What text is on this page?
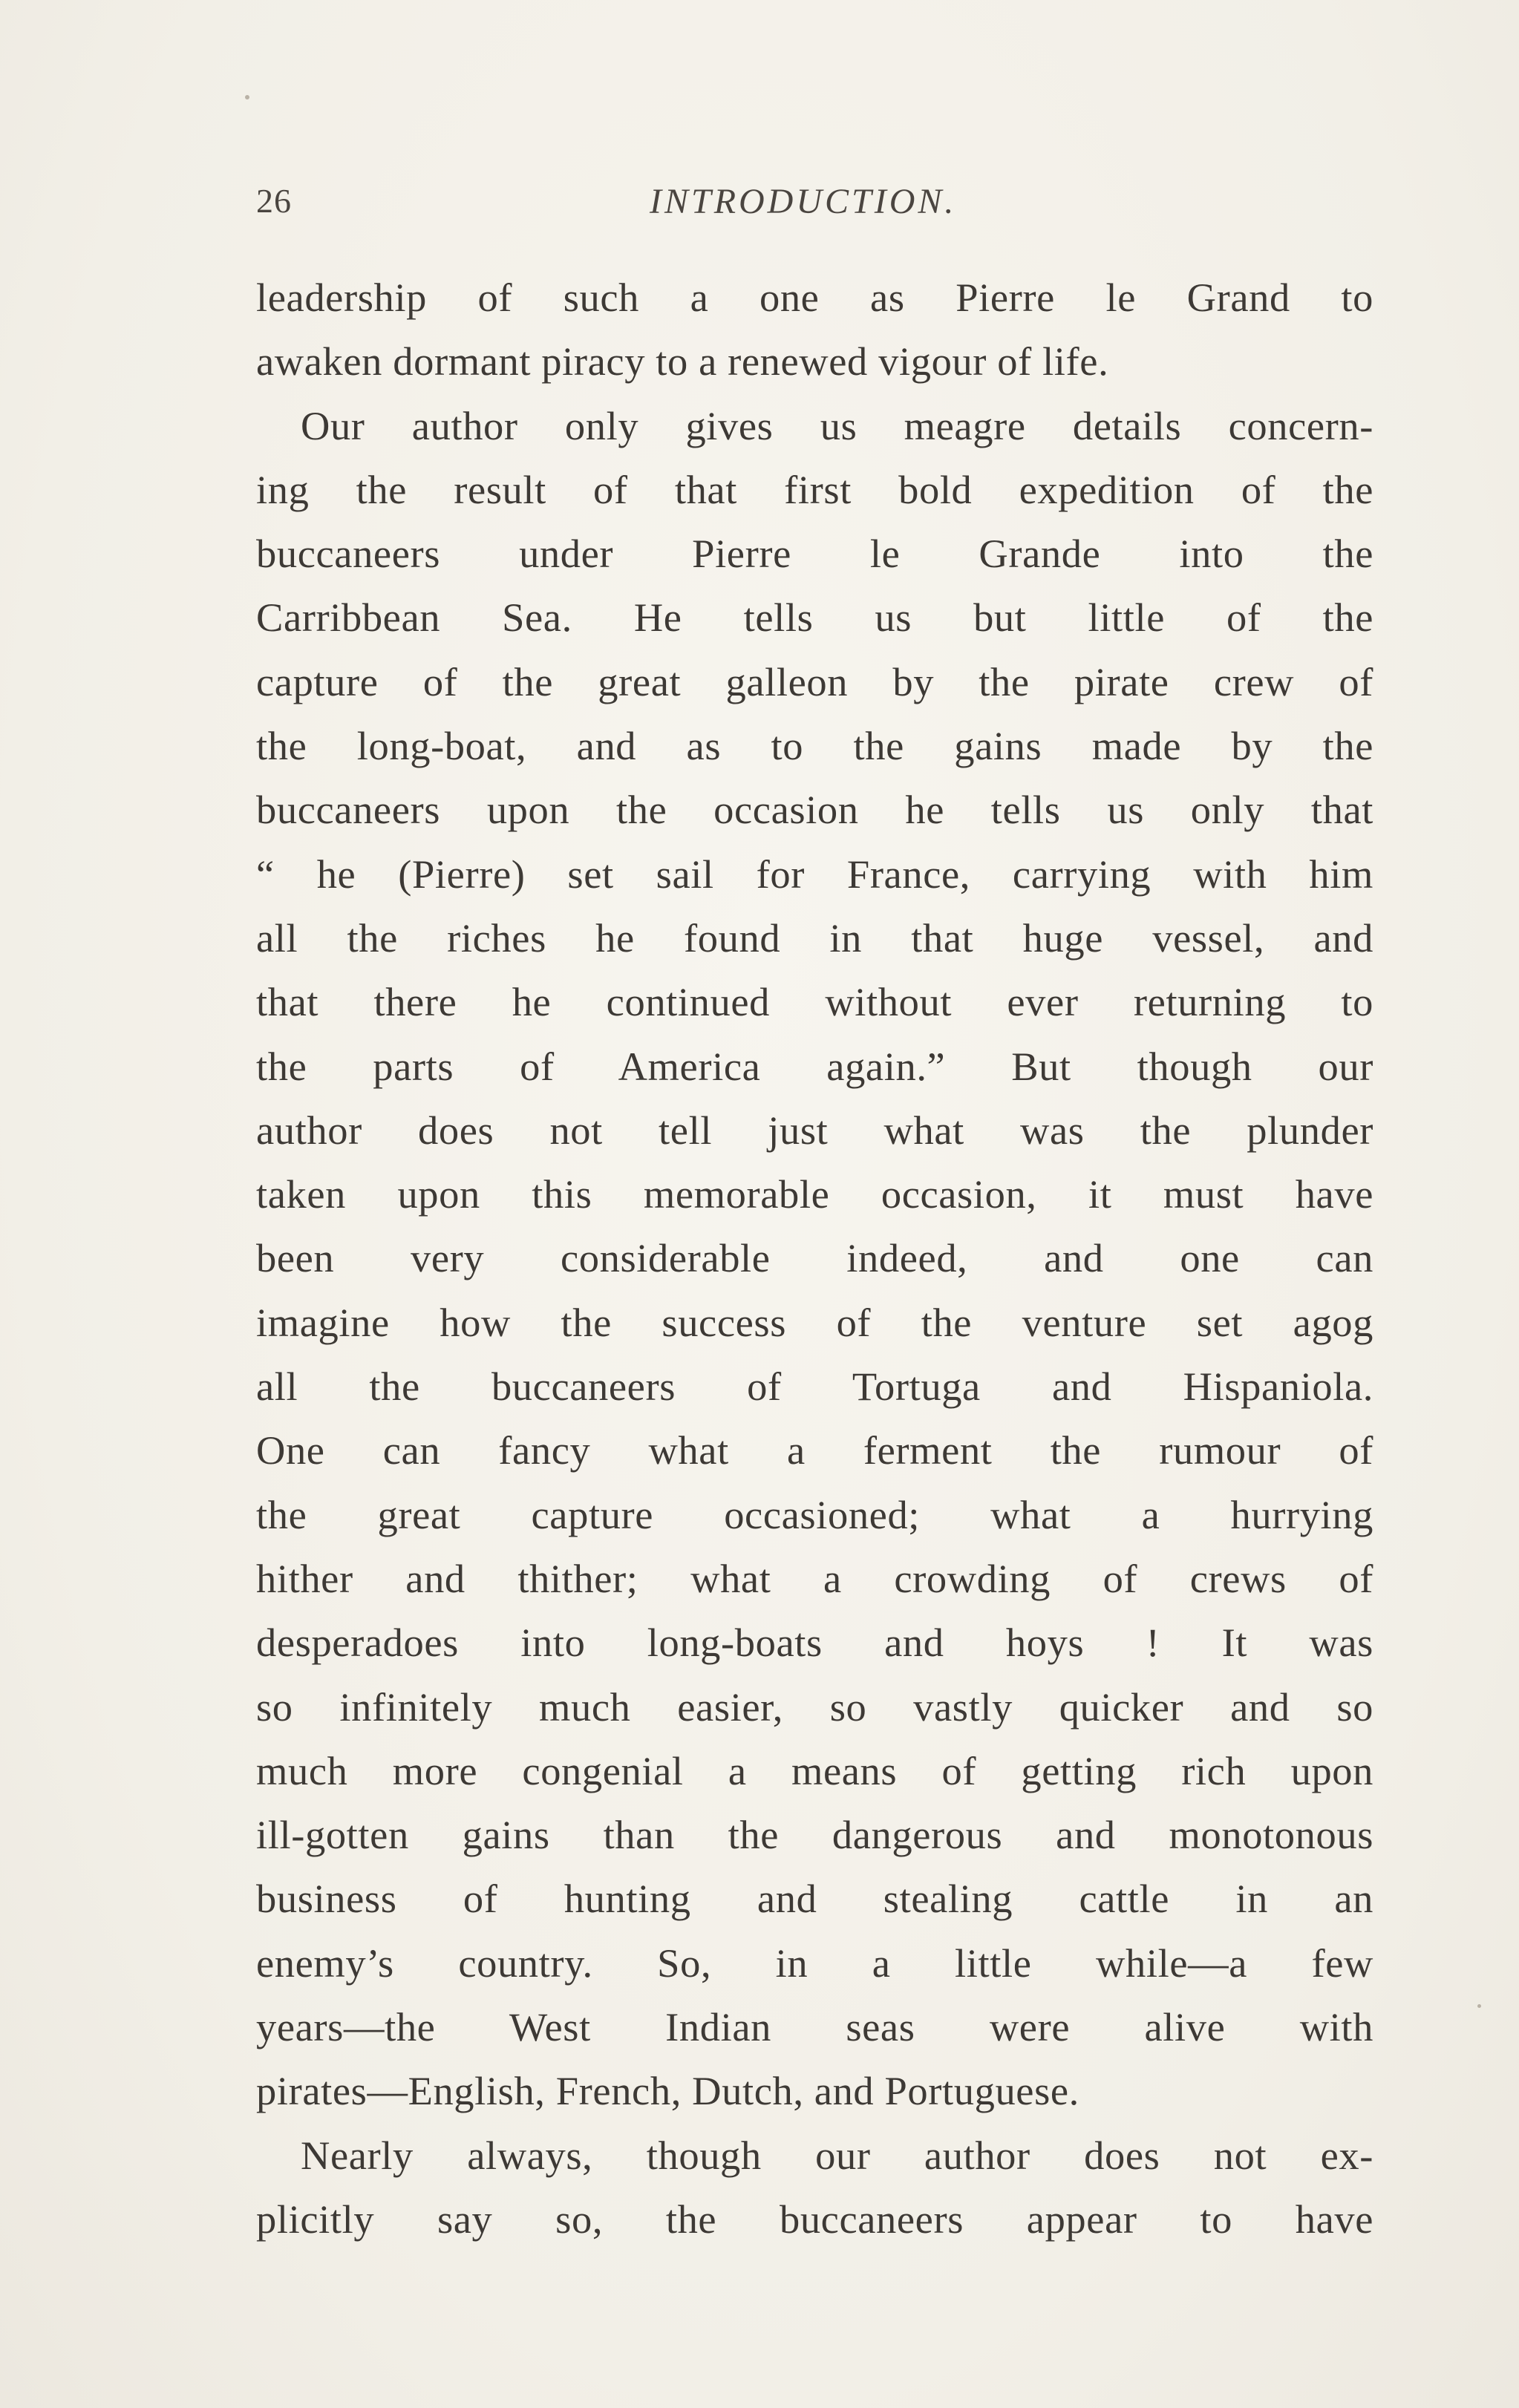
26	INTRODUCTION.
leadership of such a one as Pierre le Grand to
awaken dormant piracy to a renewed vigour of life.
Our author only gives us meagre details concern-
ing the result of that first bold expedition of the
buccaneers under Pierre le Grande into the
Carribbean Sea. He tells us but little of the
capture of the great galleon by the pirate crew of
the long-boat, and as to the gains made by the
buccaneers upon the occasion he tells us only that
“ he (Pierre) set sail for France, carrying with him
all the riches he found in that huge vessel, and
that there he continued without ever returning to
the parts of America again.” But though our
author does not tell just what was the plunder
taken upon this memorable occasion, it must have
been very considerable indeed, and one can
imagine how the success of the venture set agog
all the buccaneers of Tortuga and Hispaniola.
One can fancy what a ferment the rumour of
the great capture occasioned; what a hurrying
hither and thither; what a crowding of crews of
desperadoes into long-boats and hoys ! It was
so infinitely much easier, so vastly quicker and so
much more congenial a means of getting rich upon
ill-gotten gains than the dangerous and monotonous
business of hunting and stealing cattle in an
enemy’s country. So, in a little while—a few
years—the West Indian seas were alive with
pirates—English, French, Dutch, and Portuguese.
Nearly always, though our author does not ex-
plicitly say so, the buccaneers appear to have
